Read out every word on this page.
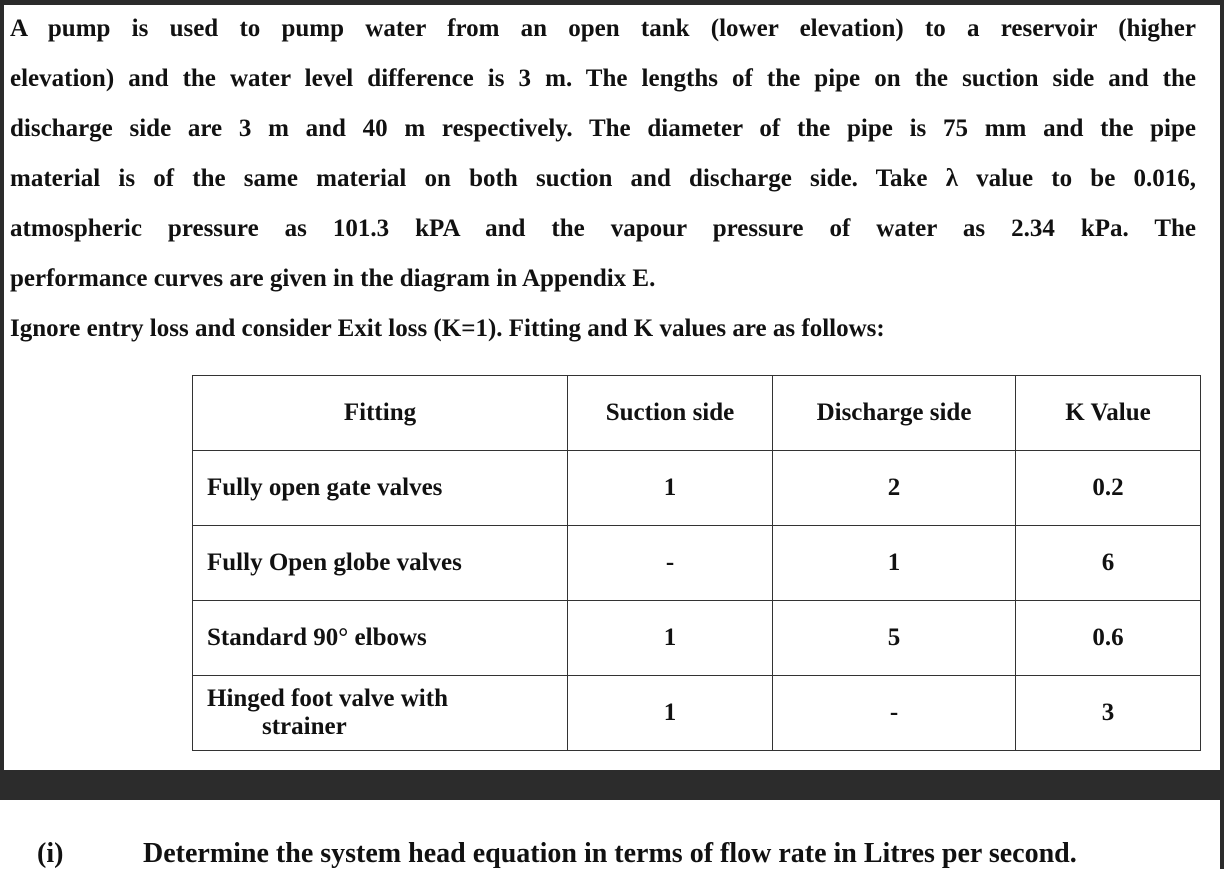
A pump is used to pump water from an open tank (lower elevation) to a reservoir (higher
elevation) and the water level difference is 3 m. The lengths of the pipe on the suction side and the
discharge side are 3 m and 40 m respectively. The diameter of the pipe is 75 mm and the pipe
material is of the same material on both suction and discharge side. Take λ value to be 0.016,
atmospheric pressure as 101.3 kPA and the vapour pressure of water as 2.34 kPa. The
performance curves are given in the diagram in Appendix E.
Ignore entry loss and consider Exit loss (K=1). Fitting and K values are as follows:
Fitting	Suction side	Discharge side	K Value
Fully open gate valves	1	2	0.2
Fully Open globe valves	-	1	6
Standard 90° elbows	1	5	0.6
Hinged foot valve with
strainer	1	-	3
(i)	Determine the system head equation in terms of flow rate in Litres per second.
